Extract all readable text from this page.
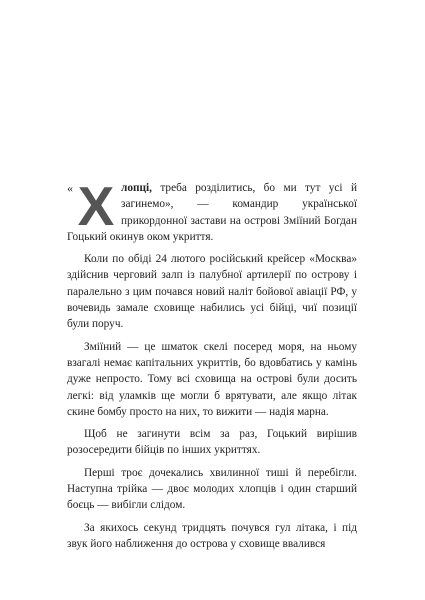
« Х лопці, треба розділитись, бо ми тут усі й загинемо», — командир української прикордонної застави на острові Зміїний Богдан Гоцький окинув оком укриття.

Коли по обіді 24 лютого російський крейсер «Москва» здійснив черговий залп із палубної артилерії по острову і паралельно з цим почався новий наліт бойової авіації РФ, у вочевидь замале сховище набились усі бійці, чиї позиції були поруч.

Зміїний — це шматок скелі посеред моря, на ньому взагалі немає капітальних укриттів, бо вдовбатись у камінь дуже непросто. Тому всі сховища на острові були досить легкі: від уламків ще могли б врятувати, але якщо літак скине бомбу просто на них, то вижити — надія марна.

Щоб не загинути всім за раз, Гоцький вирішив розосередити бійців по інших укриттях.

Перші троє дочекались хвилинної тиші й перебігли. Наступна трійка — двоє молодих хлопців і один старший боєць — вибігли слідом.

За якихось секунд тридцять почувся гул літака, і під звук його наближення до острова у сховище ввалився
